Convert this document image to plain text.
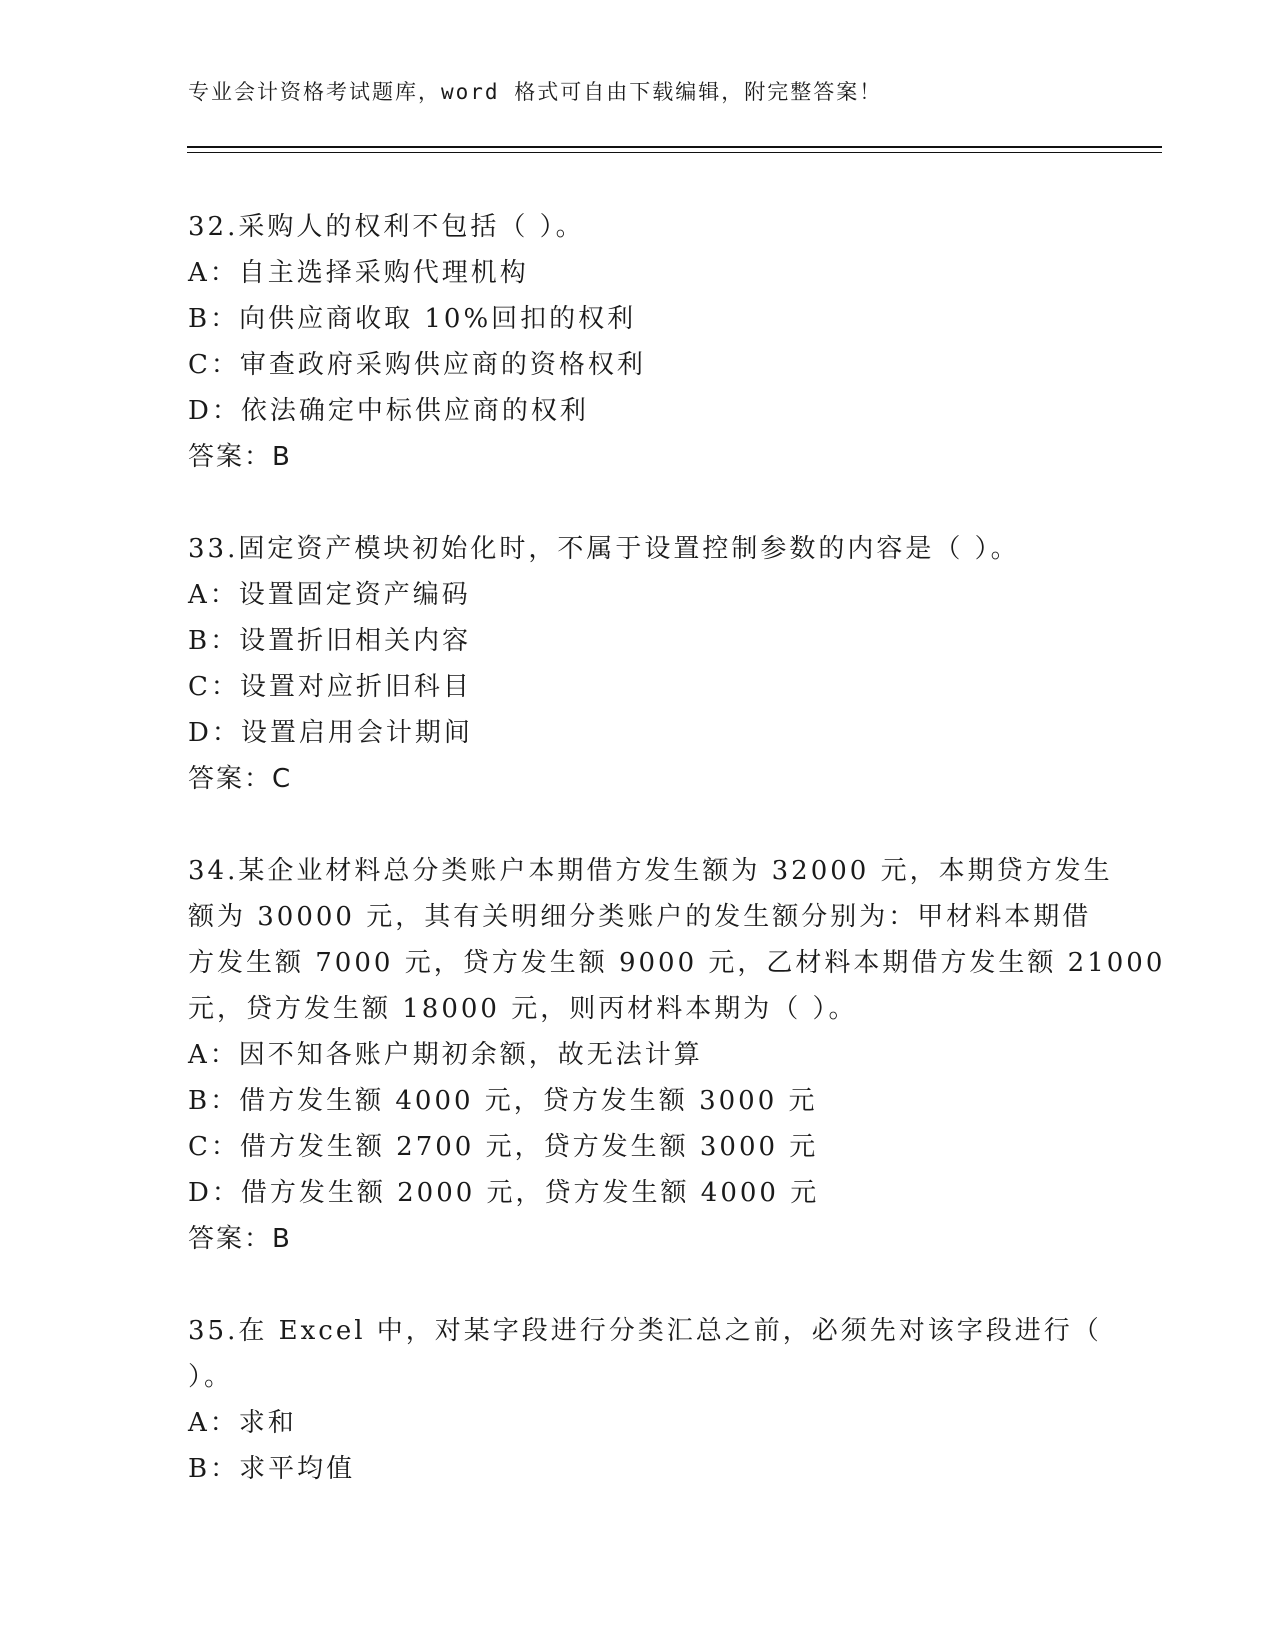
专业会计资格考试题库，word 格式可自由下载编辑，附完整答案！
32.采购人的权利不包括（ ）。
A：自主选择采购代理机构
B：向供应商收取 10%回扣的权利
C：审查政府采购供应商的资格权利
D：依法确定中标供应商的权利
答案：B
33.固定资产模块初始化时，不属于设置控制参数的内容是（ ）。
A：设置固定资产编码
B：设置折旧相关内容
C：设置对应折旧科目
D：设置启用会计期间
答案：C
34.某企业材料总分类账户本期借方发生额为 32000 元，本期贷方发生
额为 30000 元，其有关明细分类账户的发生额分别为：甲材料本期借
方发生额 7000 元，贷方发生额 9000 元，乙材料本期借方发生额 21000
元，贷方发生额 18000 元，则丙材料本期为（ ）。
A：因不知各账户期初余额，故无法计算
B：借方发生额 4000 元，贷方发生额 3000 元
C：借方发生额 2700 元，贷方发生额 3000 元
D：借方发生额 2000 元，贷方发生额 4000 元
答案：B
35.在 Excel 中，对某字段进行分类汇总之前，必须先对该字段进行（
）。
A：求和
B：求平均值
